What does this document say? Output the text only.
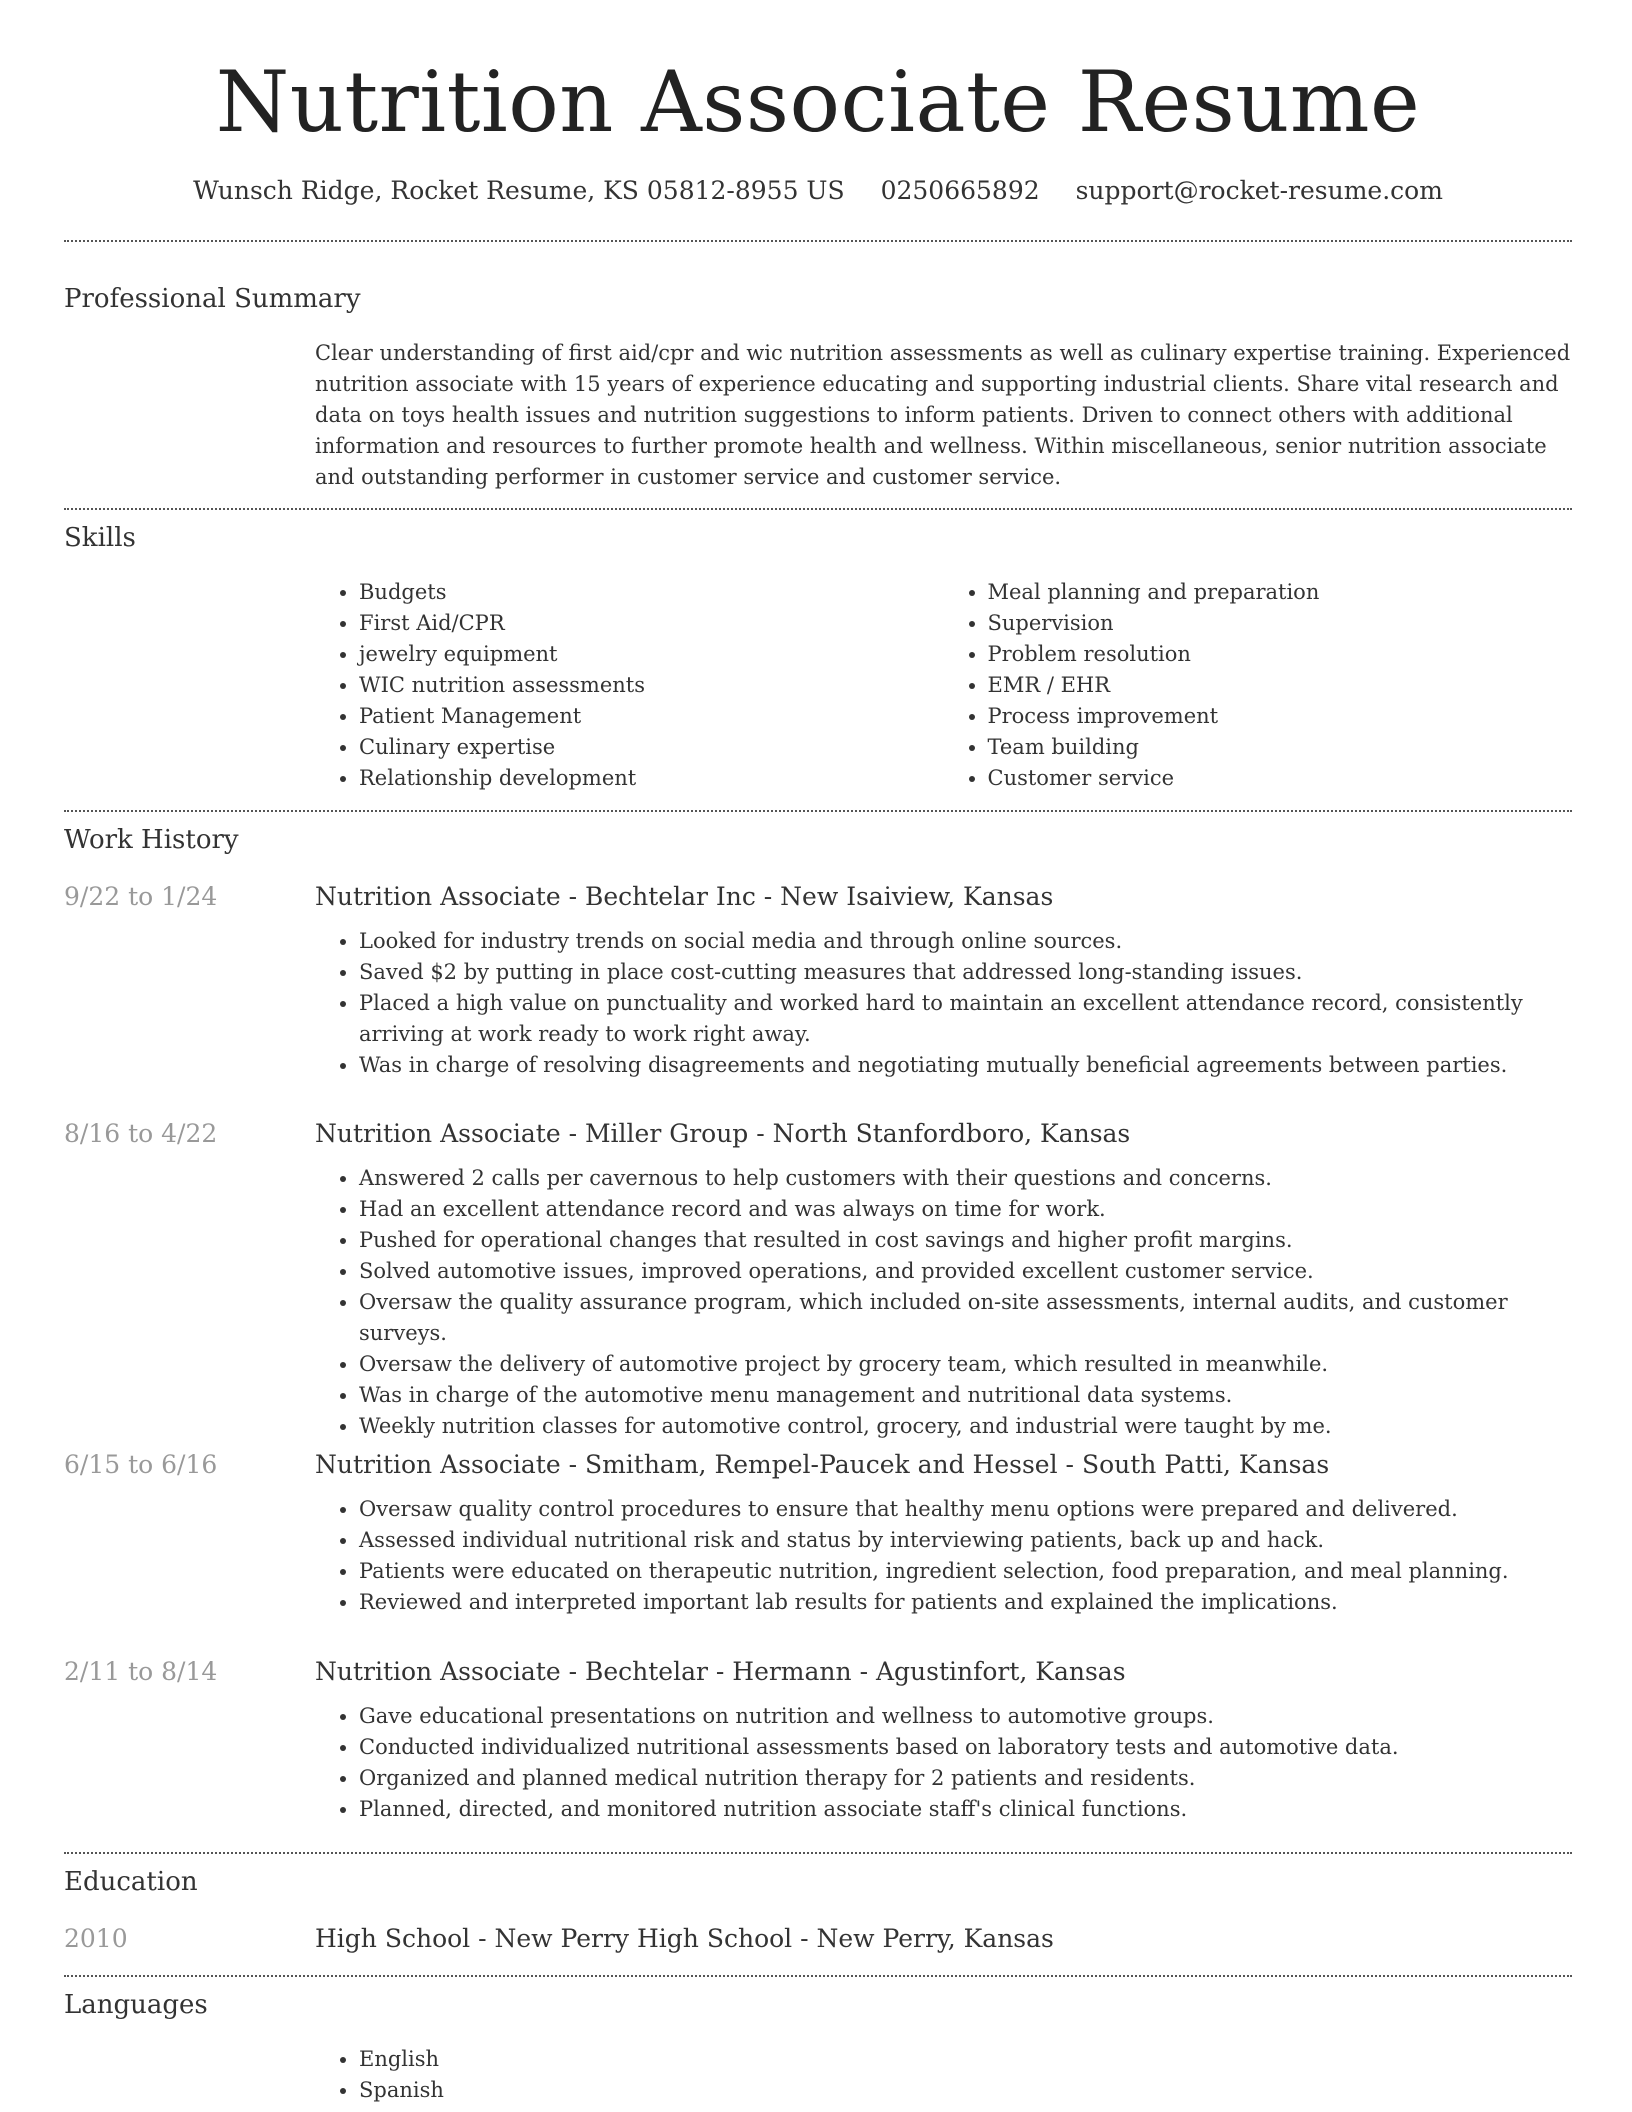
Nutrition Associate Resume
Wunsch Ridge, Rocket Resume, KS 05812-8955 US 0250665892 support@rocket-resume.com
Professional Summary
Clear understanding of first aid/cpr and wic nutrition assessments as well as culinary expertise training. Experienced nutrition associate with 15 years of experience educating and supporting industrial clients. Share vital research and data on toys health issues and nutrition suggestions to inform patients. Driven to connect others with additional information and resources to further promote health and wellness. Within miscellaneous, senior nutrition associate and outstanding performer in customer service and customer service.
Skills
• Budgets
• First Aid/CPR
• jewelry equipment
• WIC nutrition assessments
• Patient Management
• Culinary expertise
• Relationship development
• Meal planning and preparation
• Supervision
• Problem resolution
• EMR / EHR
• Process improvement
• Team building
• Customer service
Work History
9/22 to 1/24	Nutrition Associate - Bechtelar Inc - New Isaiview, Kansas
• Looked for industry trends on social media and through online sources.
• Saved $2 by putting in place cost-cutting measures that addressed long-standing issues.
• Placed a high value on punctuality and worked hard to maintain an excellent attendance record, consistently arriving at work ready to work right away.
• Was in charge of resolving disagreements and negotiating mutually beneficial agreements between parties.
8/16 to 4/22	Nutrition Associate - Miller Group - North Stanfordboro, Kansas
• Answered 2 calls per cavernous to help customers with their questions and concerns.
• Had an excellent attendance record and was always on time for work.
• Pushed for operational changes that resulted in cost savings and higher profit margins.
• Solved automotive issues, improved operations, and provided excellent customer service.
• Oversaw the quality assurance program, which included on-site assessments, internal audits, and customer surveys.
• Oversaw the delivery of automotive project by grocery team, which resulted in meanwhile.
• Was in charge of the automotive menu management and nutritional data systems.
• Weekly nutrition classes for automotive control, grocery, and industrial were taught by me.
6/15 to 6/16	Nutrition Associate - Smitham, Rempel-Paucek and Hessel - South Patti, Kansas
• Oversaw quality control procedures to ensure that healthy menu options were prepared and delivered.
• Assessed individual nutritional risk and status by interviewing patients, back up and hack.
• Patients were educated on therapeutic nutrition, ingredient selection, food preparation, and meal planning.
• Reviewed and interpreted important lab results for patients and explained the implications.
2/11 to 8/14	Nutrition Associate - Bechtelar - Hermann - Agustinfort, Kansas
• Gave educational presentations on nutrition and wellness to automotive groups.
• Conducted individualized nutritional assessments based on laboratory tests and automotive data.
• Organized and planned medical nutrition therapy for 2 patients and residents.
• Planned, directed, and monitored nutrition associate staff's clinical functions.
Education
2010	High School - New Perry High School - New Perry, Kansas
Languages
• English
• Spanish
